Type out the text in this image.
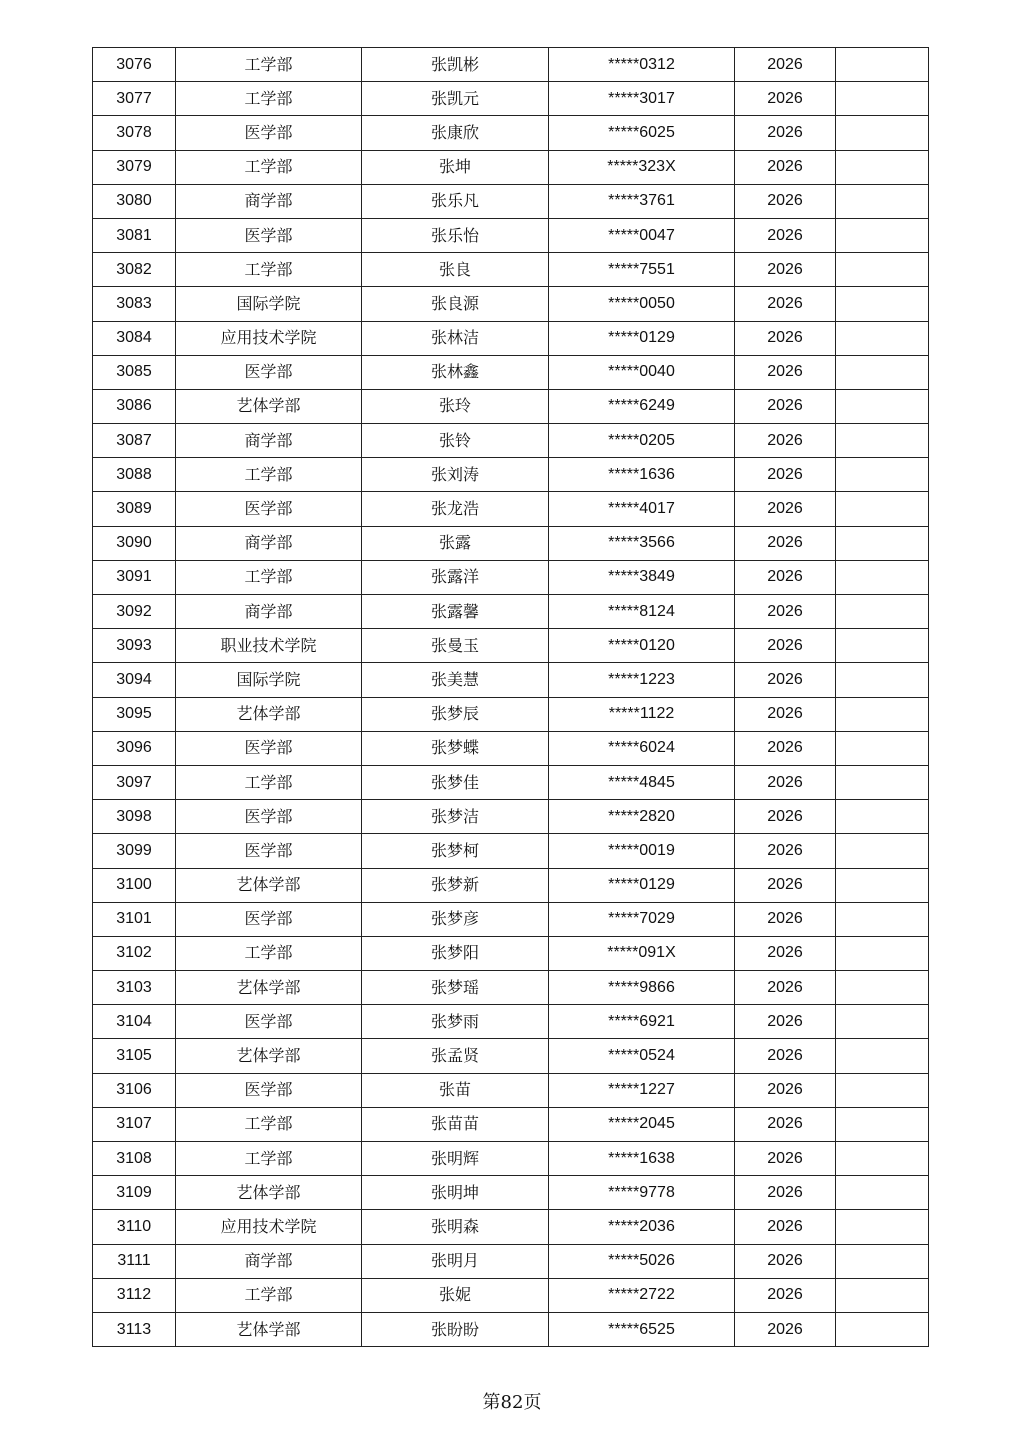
3076	工学部	张凯彬	*****0312	2026	
3077	工学部	张凯元	*****3017	2026	
3078	医学部	张康欣	*****6025	2026	
3079	工学部	张坤	*****323X	2026	
3080	商学部	张乐凡	*****3761	2026	
3081	医学部	张乐怡	*****0047	2026	
3082	工学部	张良	*****7551	2026	
3083	国际学院	张良源	*****0050	2026	
3084	应用技术学院	张林洁	*****0129	2026	
3085	医学部	张林鑫	*****0040	2026	
3086	艺体学部	张玲	*****6249	2026	
3087	商学部	张铃	*****0205	2026	
3088	工学部	张刘涛	*****1636	2026	
3089	医学部	张龙浩	*****4017	2026	
3090	商学部	张露	*****3566	2026	
3091	工学部	张露洋	*****3849	2026	
3092	商学部	张露馨	*****8124	2026	
3093	职业技术学院	张曼玉	*****0120	2026	
3094	国际学院	张美慧	*****1223	2026	
3095	艺体学部	张梦辰	*****1122	2026	
3096	医学部	张梦蝶	*****6024	2026	
3097	工学部	张梦佳	*****4845	2026	
3098	医学部	张梦洁	*****2820	2026	
3099	医学部	张梦柯	*****0019	2026	
3100	艺体学部	张梦新	*****0129	2026	
3101	医学部	张梦彦	*****7029	2026	
3102	工学部	张梦阳	*****091X	2026	
3103	艺体学部	张梦瑶	*****9866	2026	
3104	医学部	张梦雨	*****6921	2026	
3105	艺体学部	张孟贤	*****0524	2026	
3106	医学部	张苗	*****1227	2026	
3107	工学部	张苗苗	*****2045	2026	
3108	工学部	张明辉	*****1638	2026	
3109	艺体学部	张明坤	*****9778	2026	
3110	应用技术学院	张明森	*****2036	2026	
3111	商学部	张明月	*****5026	2026	
3112	工学部	张妮	*****2722	2026	
3113	艺体学部	张盼盼	*****6525	2026	
第82页
